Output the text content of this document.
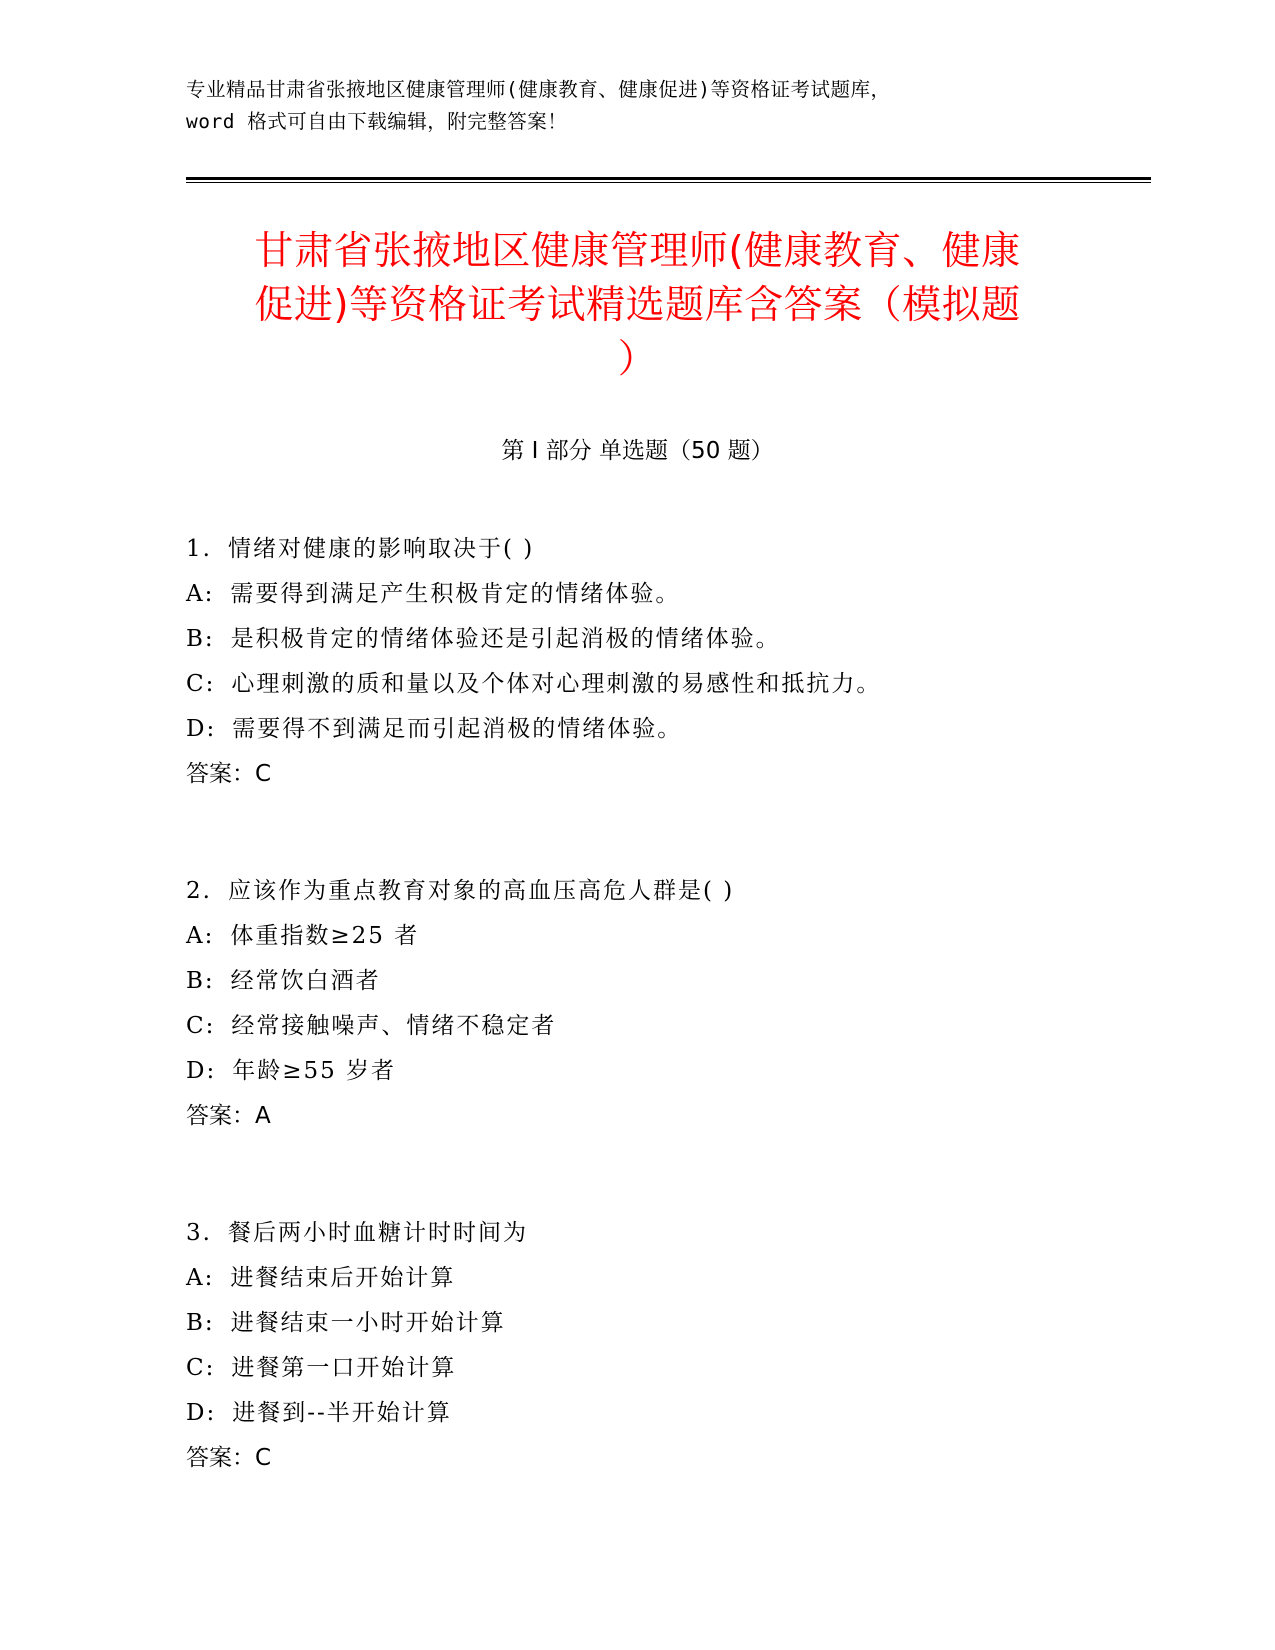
专业精品甘肃省张掖地区健康管理师(健康教育、健康促进)等资格证考试题库，
word 格式可自由下载编辑，附完整答案！
甘肃省张掖地区健康管理师(健康教育、健康
促进)等资格证考试精选题库含答案（模拟题
）
第 I 部分 单选题（50 题）
1. 情绪对健康的影响取决于( )
A: 需要得到满足产生积极肯定的情绪体验。
B: 是积极肯定的情绪体验还是引起消极的情绪体验。
C: 心理刺激的质和量以及个体对心理刺激的易感性和抵抗力。
D: 需要得不到满足而引起消极的情绪体验。
答案：C
2. 应该作为重点教育对象的高血压高危人群是( )
A: 体重指数≥25 者
B: 经常饮白酒者
C: 经常接触噪声、情绪不稳定者
D: 年龄≥55 岁者
答案：A
3. 餐后两小时血糖计时时间为
A: 进餐结束后开始计算
B: 进餐结束一小时开始计算
C: 进餐第一口开始计算
D: 进餐到--半开始计算
答案：C
